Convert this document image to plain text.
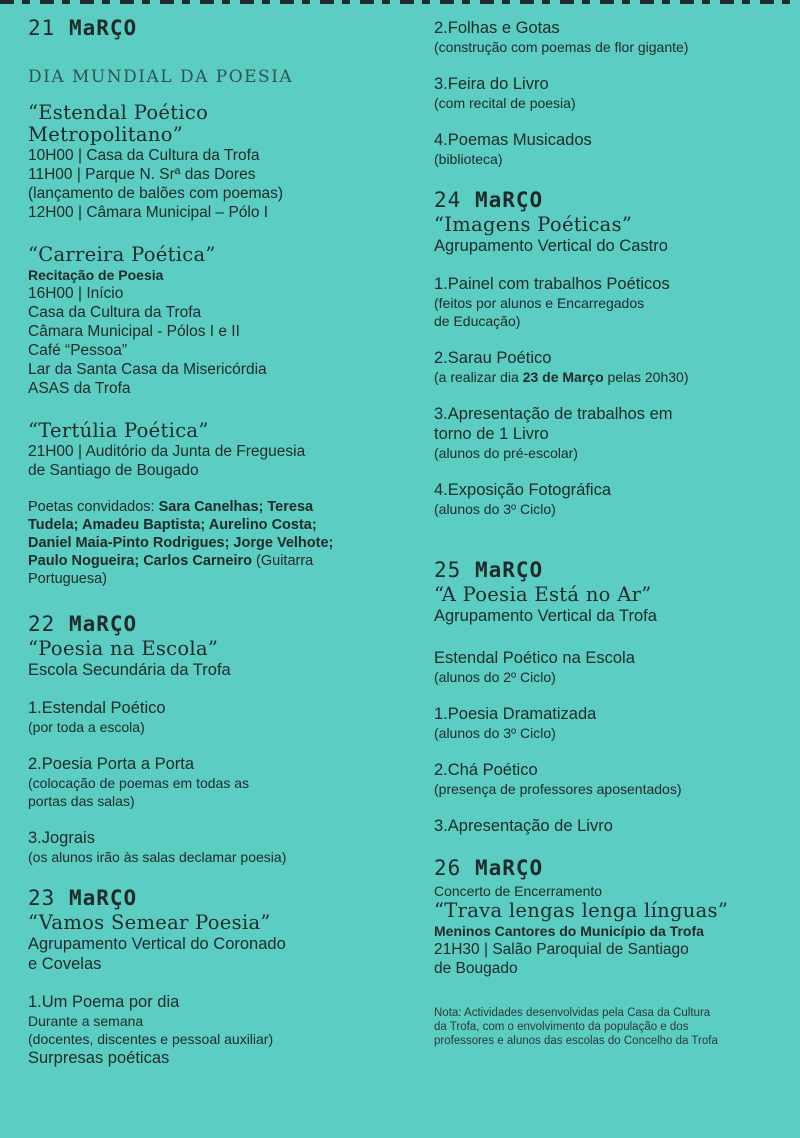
21 MaRÇO

DIA MUNDIAL DA POESIA

“Estendal Poético

Metropolitano”

10H00 | Casa da Cultura da Trofa

11H00 | Parque N. Srª das Dores

(lançamento de balões com poemas)

12H00 | Câmara Municipal – Pólo I

“Carreira Poética”

Recitação de Poesia

16H00 | Início

Casa da Cultura da Trofa

Câmara Municipal - Pólos I e II

Café “Pessoa”

Lar da Santa Casa da Misericórdia

ASAS da Trofa

“Tertúlia Poética”

21H00 | Auditório da Junta de Freguesia

de Santiago de Bougado

Poetas convidados: Sara Canelhas; Teresa

Tudela; Amadeu Baptista; Aurelino Costa;

Daniel Maia-Pinto Rodrigues; Jorge Velhote;

Paulo Nogueira; Carlos Carneiro (Guitarra

Portuguesa)

22 MaRÇO

“Poesia na Escola”

Escola Secundária da Trofa

1.Estendal Poético

(por toda a escola)

2.Poesia Porta a Porta

(colocação de poemas em todas as

portas das salas)

3.Jograis

(os alunos irão às salas declamar poesia)

23 MaRÇO

“Vamos Semear Poesia”

Agrupamento Vertical do Coronado

e Covelas

1.Um Poema por dia

Durante a semana

(docentes, discentes e pessoal auxiliar)

Surpresas poéticas

2.Folhas e Gotas

(construção com poemas de flor gigante)

3.Feira do Livro

(com recital de poesia)

4.Poemas Musicados

(biblioteca)

24 MaRÇO

“Imagens Poéticas”

Agrupamento Vertical do Castro

1.Painel com trabalhos Poéticos

(feitos por alunos e Encarregados

de Educação)

2.Sarau Poético

(a realizar dia 23 de Março pelas 20h30)

3.Apresentação de trabalhos em

torno de 1 Livro

(alunos do pré-escolar)

4.Exposição Fotográfica

(alunos do 3º Ciclo)

25 MaRÇO

“A Poesia Está no Ar”

Agrupamento Vertical da Trofa

Estendal Poético na Escola

(alunos do 2º Ciclo)

1.Poesia Dramatizada

(alunos do 3º Ciclo)

2.Chá Poético

(presença de professores aposentados)

3.Apresentação de Livro

26 MaRÇO

Concerto de Encerramento

“Trava lengas lenga línguas”

Meninos Cantores do Município da Trofa

21H30 | Salão Paroquial de Santiago

de Bougado

Nota: Actividades desenvolvidas pela Casa da Cultura

da Trofa, com o envolvimento da população e dos

professores e alunos das escolas do Concelho da Trofa
